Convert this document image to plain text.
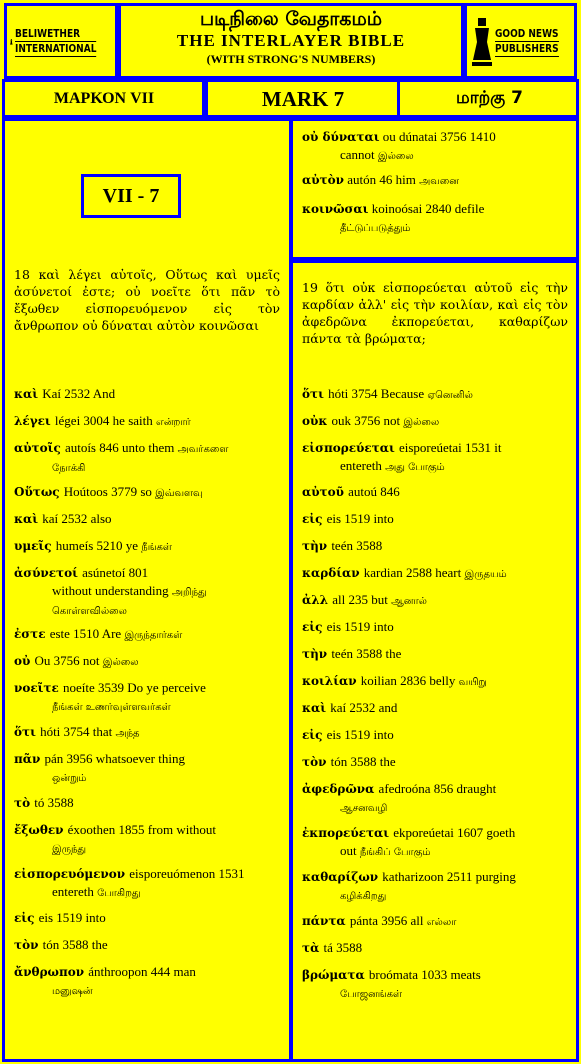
BELIWETHER
INTERNATIONAL
GOOD NEWS
PUBLISHERS
படிநிலை வேதாகமம்
THE INTERLAYER BIBLE
(WITH STRONG'S NUMBERS)
ΜΑΡΚΟΝ VII	MARK 7	மாற்கு 7
VII - 7
οὐ δύναται ou dúnatai 3756 1410
cannot இல்லை
αὐτὸν autón 46 him அவனை
κοινῶσαι koinoósai 2840 defile
தீட்டுப்படுத்தும்
18 καὶ λέγει αὐτοῖς, Οὕτως καὶ υμεῖς ἀσύνετοί ἐστε; οὐ νοεῖτε ὅτι πᾶν τὸ ἔξωθεν εἰσπορευόμενον εἰς τὸν ἄνθρωπον οὐ δύναται αὐτὸν κοινῶσαι
19 ὅτι οὐκ εἰσπορεύεται αὐτοῦ εἰς τὴν καρδίαν ἀλλ' εἰς τὴν κοιλίαν, καὶ εἰς τὸν ἀφεδρῶνα ἐκπορεύεται, καθαρίζων πάντα τὰ βρώματα;
καὶ Kaí 2532 And
λέγει légei 3004 he saith என்றார்
αὐτοῖς autoís 846 unto them அவர்களை
நோக்கி
Οὕτως Hoútoos 3779 so இவ்வளவு
καὶ kaí 2532 also
υμεῖς humeís 5210 ye நீங்கள்
ἀσύνετοί asúnetoí 801
without understanding அறிந்து
கொள்ளவில்லை
ἐστε este 1510 Are இருந்தார்கள்
οὐ Ou 3756 not இல்லை
νοεῖτε noeíte 3539 Do ye perceive
நீங்கள் உணர்வுள்ளவர்கள்
ὅτι hóti 3754 that அந்த
πᾶν pán 3956 whatsoever thing
ஒன்றும்
τὸ tó 3588
ἔξωθεν éxoothen 1855 from without
இருந்து
εἰσπορευόμενον eisporeuómenon 1531
entereth போகிறது
εἰς eis 1519 into
τὸν tón 3588 the
ἄνθρωπον ánthroopon 444 man
மனுஷன்
ὅτι hóti 3754 Because ஏனெனில்
οὐκ ouk 3756 not இல்லை
εἰσπορεύεται eisporeúetai 1531 it
entereth அது போகும்
αὐτοῦ autoú 846
εἰς eis 1519 into
τὴν teén 3588
καρδίαν kardian 2588 heart இருதயம்
ἀλλ all 235 but ஆனால்
εἰς eis 1519 into
τὴν teén 3588 the
κοιλίαν koilian 2836 belly வயிறு
καὶ kaí 2532 and
εἰς eis 1519 into
τὸν tón 3588 the
ἀφεδρῶνα afedroóna 856 draught
ஆசனவழி
ἐκπορεύεται ekporeúetai 1607 goeth
out நீங்கிப் போகும்
καθαρίζων katharizoon 2511 purging
கழிக்கிறது
πάντα pánta 3956 all எல்லா
τὰ tá 3588
βρώματα broómata 1033 meats
போஜனங்கள்
